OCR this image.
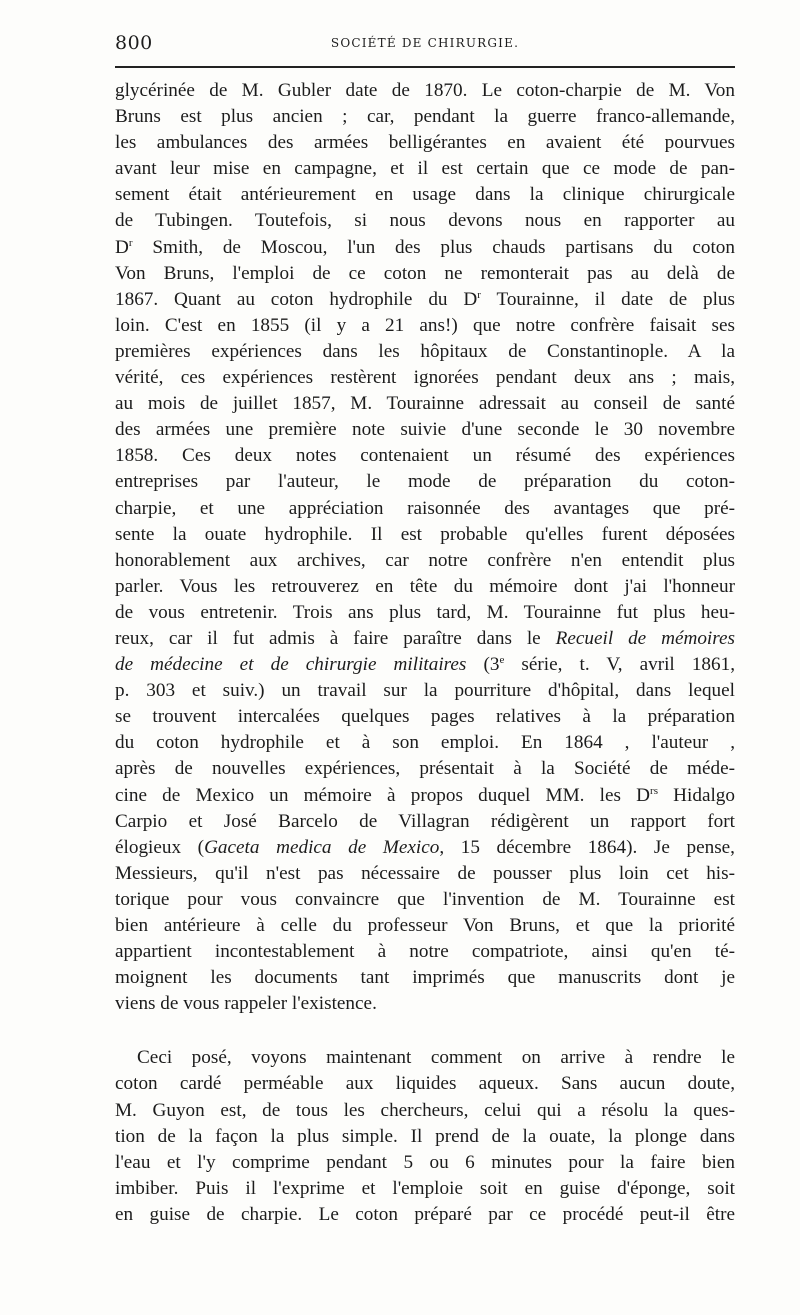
800	SOCIÉTÉ DE CHIRURGIE.
glycérinée de M. Gubler date de 1870. Le coton-charpie de M. Von
Bruns est plus ancien ; car, pendant la guerre franco-allemande,
les ambulances des armées belligérantes en avaient été pourvues
avant leur mise en campagne, et il est certain que ce mode de pan-
sement était antérieurement en usage dans la clinique chirurgicale
de Tubingen. Toutefois, si nous devons nous en rapporter au
$D^r$ Smith, de Moscou, l'un des plus chauds partisans du coton
Von Bruns, l'emploi de ce coton ne remonterait pas au delà de
1867. Quant au coton hydrophile du $D^r$ Tourainne, il date de plus
loin. C'est en 1855 (il y a 21 ans!) que notre confrère faisait ses
premières expériences dans les hôpitaux de Constantinople. A la
vérité, ces expériences restèrent ignorées pendant deux ans ; mais,
au mois de juillet 1857, M. Tourainne adressait au conseil de santé
des armées une première note suivie d'une seconde le 30 novembre
1858. Ces deux notes contenaient un résumé des expériences
entreprises par l'auteur, le mode de préparation du coton-
charpie, et une appréciation raisonnée des avantages que pré-
sente la ouate hydrophile. Il est probable qu'elles furent déposées
honorablement aux archives, car notre confrère n'en entendit plus
parler. Vous les retrouverez en tête du mémoire dont j'ai l'honneur
de vous entretenir. Trois ans plus tard, M. Tourainne fut plus heu-
reux, car il fut admis à faire paraître dans le Recueil de mémoires
de médecine et de chirurgie militaires (3e série, t. V, avril 1861,
p. 303 et suiv.) un travail sur la pourriture d'hôpital, dans lequel
se trouvent intercalées quelques pages relatives à la préparation
du coton hydrophile et à son emploi. En 1864 , l'auteur ,
après de nouvelles expériences, présentait à la Société de méde-
cine de Mexico un mémoire à propos duquel MM. les $D^{rs}$ Hidalgo
Carpio et José Barcelo de Villagran rédigèrent un rapport fort
élogieux (Gaceta medica de Mexico, 15 décembre 1864). Je pense,
Messieurs, qu'il n'est pas nécessaire de pousser plus loin cet his-
torique pour vous convaincre que l'invention de M. Tourainne est
bien antérieure à celle du professeur Von Bruns, et que la priorité
appartient incontestablement à notre compatriote, ainsi qu'en té-
moignent les documents tant imprimés que manuscrits dont je
viens de vous rappeler l'existence.
Ceci posé, voyons maintenant comment on arrive à rendre le
coton cardé perméable aux liquides aqueux. Sans aucun doute,
M. Guyon est, de tous les chercheurs, celui qui a résolu la ques-
tion de la façon la plus simple. Il prend de la ouate, la plonge dans
l'eau et l'y comprime pendant 5 ou 6 minutes pour la faire bien
imbiber. Puis il l'exprime et l'emploie soit en guise d'éponge, soit
en guise de charpie. Le coton préparé par ce procédé peut-il être
